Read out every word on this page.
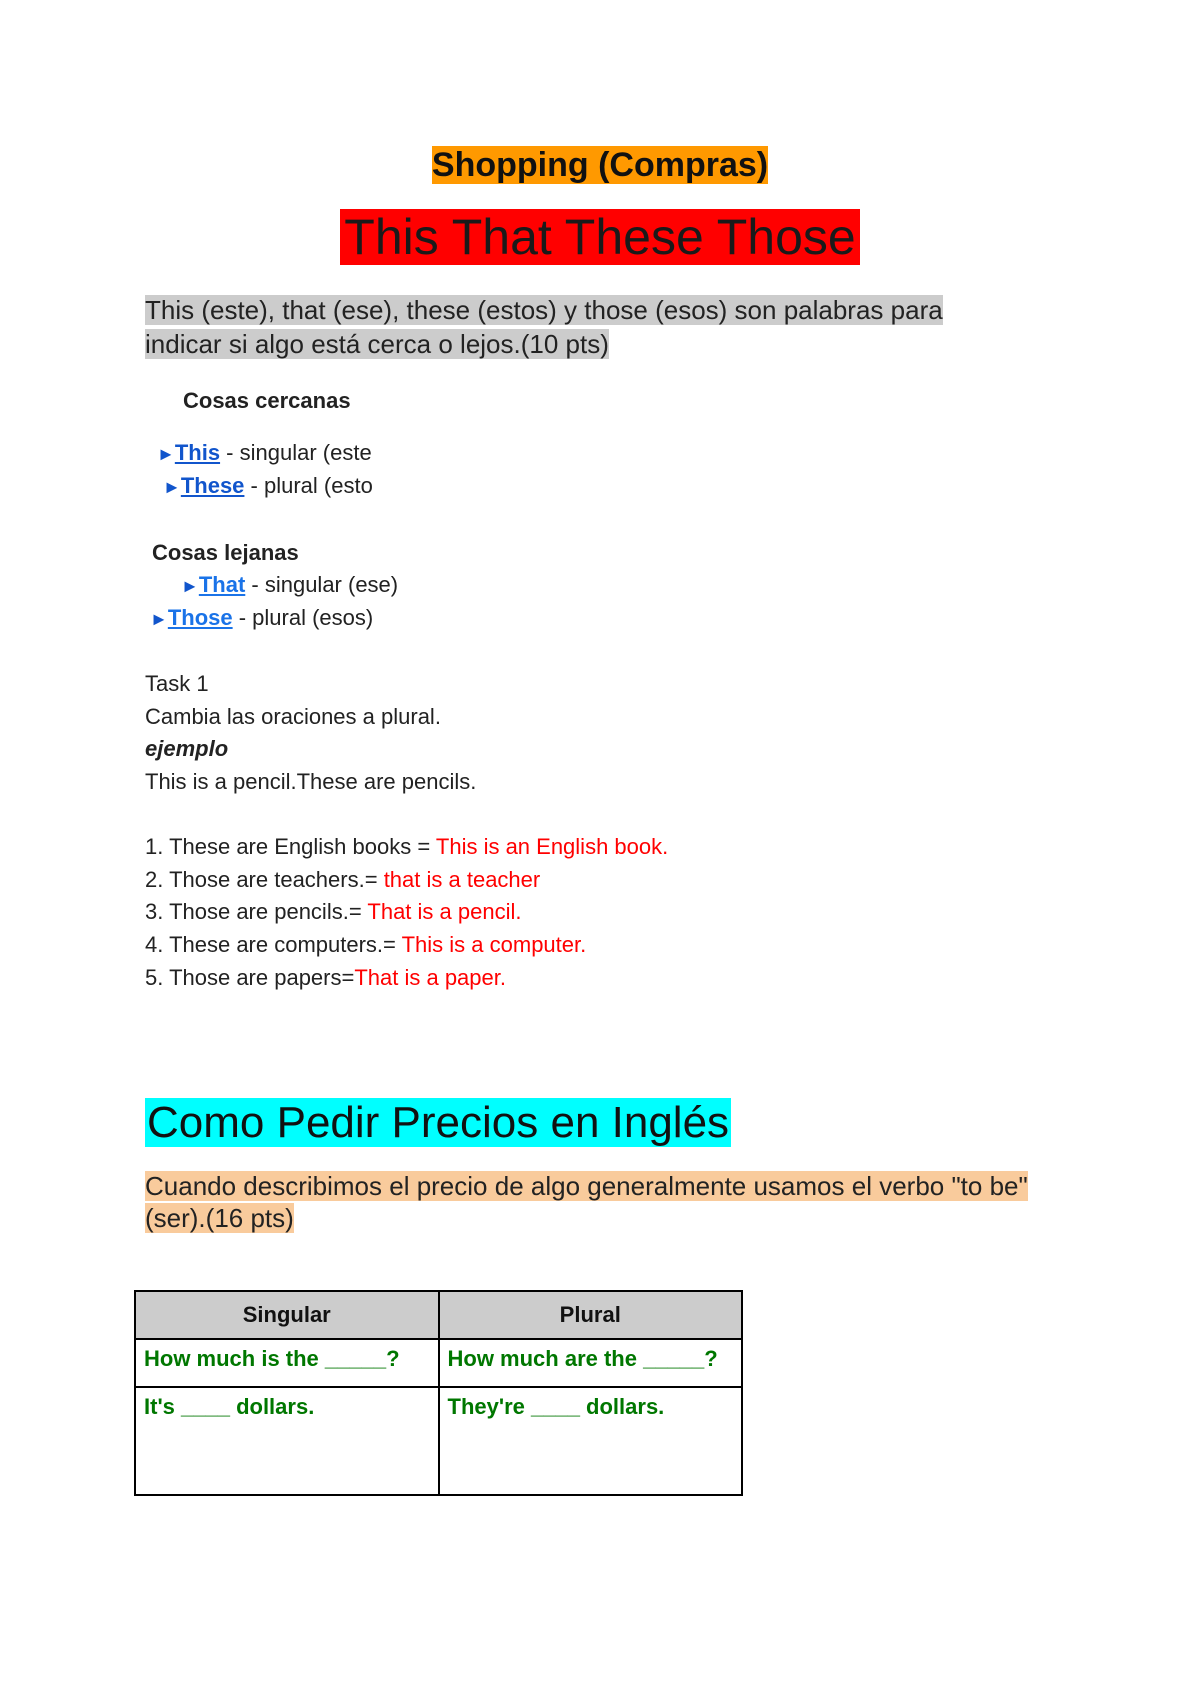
Shopping (Compras)
This That These Those
This (este), that (ese), these (estos) y those (esos) son palabras para
indicar si algo está cerca o lejos.(10 pts)
Cosas cercanas
►This - singular (este
►These - plural (esto
Cosas lejanas
►That - singular (ese)
►Those - plural (esos)
Task 1
Cambia las oraciones a plural.
ejemplo
This is a pencil.These are pencils.
1. These are English books = This is an English book.
2. Those are teachers.= that is a teacher
3. Those are pencils.= That is a pencil.
4. These are computers.= This is a computer.
5. Those are papers=That is a paper.
Como Pedir Precios en Inglés
Cuando describimos el precio de algo generalmente usamos el verbo "to be"
(ser).(16 pts)
Singular	Plural
How much is the _____?	How much are the _____?
It's ____ dollars.	They're ____ dollars.
